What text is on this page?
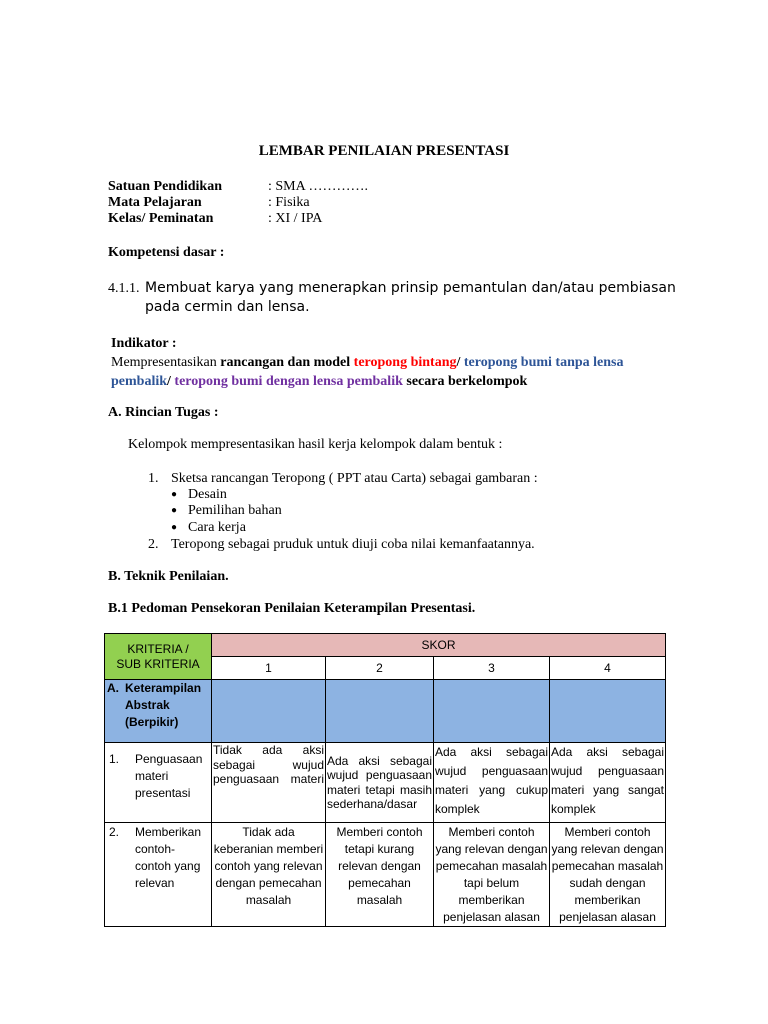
LEMBAR PENILAIAN PRESENTASI
Satuan Pendidikan	: SMA ………….
Mata Pelajaran	: Fisika
Kelas/ Peminatan	: XI / IPA
Kompetensi dasar :
4.1.1. Membuat karya yang menerapkan prinsip pemantulan dan/atau pembiasan pada cermin dan lensa.
Indikator :
Mempresentasikan rancangan dan model teropong bintang/ teropong bumi tanpa lensa
pembalik/ teropong bumi dengan lensa pembalik secara berkelompok
A. Rincian Tugas :
Kelompok mempresentasikan hasil kerja kelompok dalam bentuk :
1. Sketsa rancangan Teropong ( PPT atau Carta) sebagai gambaran :
● Desain
● Pemilihan bahan
● Cara kerja
2. Teropong sebagai pruduk untuk diuji coba nilai kemanfaatannya.
B. Teknik Penilaian.
B.1 Pedoman Pensekoran Penilaian Keterampilan Presentasi.
KRITERIA /
SUB KRITERIA	SKOR			
	1	2	3	4

A. Keterampilan
Abstrak
(Berpikir)				

1. Penguasaan materi presentasi	Tidak ada aksi sebagai wujud penguasaan materi	Ada aksi sebagai wujud penguasaan materi tetapi masih sederhana/dasar	Ada aksi sebagai wujud penguasaan materi yang cukup komplek	Ada aksi sebagai wujud penguasaan materi yang sangat komplek

2. Memberikan contoh-contoh yang relevan	Tidak ada keberanian memberi contoh yang relevan dengan pemecahan masalah	Memberi contoh tetapi kurang relevan dengan pemecahan masalah	Memberi contoh yang relevan dengan pemecahan masalah tapi belum memberikan penjelasan alasan	Memberi contoh yang relevan dengan pemecahan masalah sudah dengan memberikan penjelasan alasan
